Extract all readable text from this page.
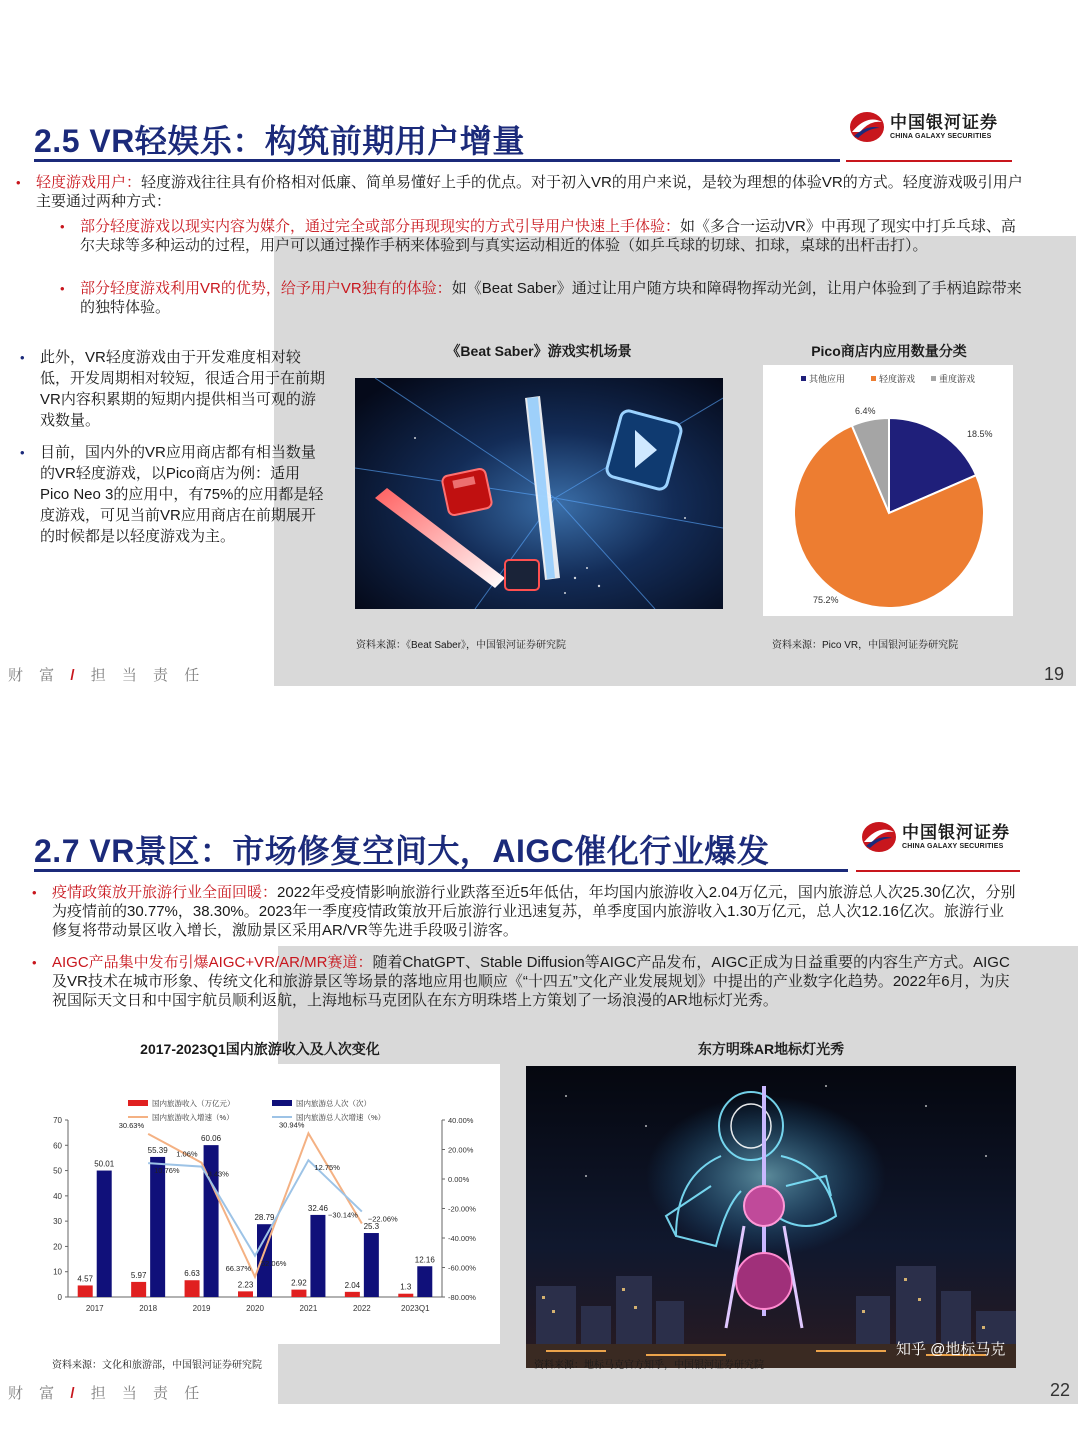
2.5 VR轻娱乐：构筑前期用户增量
中国银河证券
CHINA GALAXY SECURITIES
• 轻度游戏用户：轻度游戏往往具有价格相对低廉、简单易懂好上手的优点。对于初入VR的用户来说，是较为理想的体验VR的方式。轻度游戏吸引用户主要通过两种方式：
• 部分轻度游戏以现实内容为媒介，通过完全或部分再现现实的方式引导用户快速上手体验：如《多合一运动VR》中再现了现实中打乒乓球、高尔夫球等多种运动的过程，用户可以通过操作手柄来体验到与真实运动相近的体验（如乒乓球的切球、扣球，桌球的出杆击打）。
• 部分轻度游戏利用VR的优势，给予用户VR独有的体验：如《Beat Saber》通过让用户随方块和障碍物挥动光剑，让用户体验到了手柄追踪带来的独特体验。
• 此外，VR轻度游戏由于开发难度相对较低，开发周期相对较短，很适合用于在前期VR内容积累期的短期内提供相当可观的游戏数量。
• 目前，国内外的VR应用商店都有相当数量的VR轻度游戏，以Pico商店为例：适用Pico Neo 3的应用中，有75%的应用都是轻度游戏，可见当前VR应用商店在前期展开的时候都是以轻度游戏为主。
《Beat Saber》游戏实机场景	Pico商店内应用数量分类
其他应用	轻度游戏	重度游戏
18.5%
75.2%
6.4%
资料来源：《Beat Saber》，中国银河证券研究院	资料来源：Pico VR，中国银河证券研究院
财 富 / 担 当 责 任	19
2.7 VR景区：市场修复空间大，AIGC催化行业爆发
中国银河证券
CHINA GALAXY SECURITIES
• 疫情政策放开旅游行业全面回暖：2022年受疫情影响旅游行业跌落至近5年低估，年均国内旅游收入2.04万亿元，国内旅游总人次25.30亿次，分别为疫情前的30.77%，38.30%。2023年一季度疫情政策放开后旅游行业迅速复苏，单季度国内旅游收入1.30万亿元，总人次12.16亿次。旅游行业修复将带动景区收入增长，激励景区采用AR/VR等先进手段吸引游客。
• AIGC产品集中发布引爆AIGC+VR/AR/MR赛道：随着ChatGPT、Stable Diffusion等AIGC产品发布，AIGC正成为日益重要的内容生产方式。AIGC及VR技术在城市形象、传统文化和旅游景区等场景的落地应用也顺应《“十四五”文化产业发展规划》中提出的产业数字化趋势。2022年6月，为庆祝国际天文日和中国宇航员顺利返航，上海地标马克团队在东方明珠塔上方策划了一场浪漫的AR地标灯光秀。
2017-2023Q1国内旅游收入及人次变化	东方明珠AR地标灯光秀
国内旅游收入（万亿元）	国内旅游总人次（次）
国内旅游收入增速（%）	国内旅游总人次增速（%）
0
10
20
30
40
50
60
70
-80.00%
-60.00%
-40.00%
-20.00%
0.00%
20.00%
40.00%
2017	2018	2019	2020	2021	2022	2023Q1
4.57	5.97	6.63
2.23	2.92	2.04	1.3
50.01
55.39
60.06
28.79
32.46
25.3
12.16
30.63%
1.06%
66.37%
30.94%
−30.14%
10.76%	8.43%
52.06%
12.75%
−22.06%
知乎 @地标马克
资料来源：文化和旅游部，中国银河证券研究院	资料来源：地标马克官方知乎，中国银河证券研究院
财 富 / 担 当 责 任	22
